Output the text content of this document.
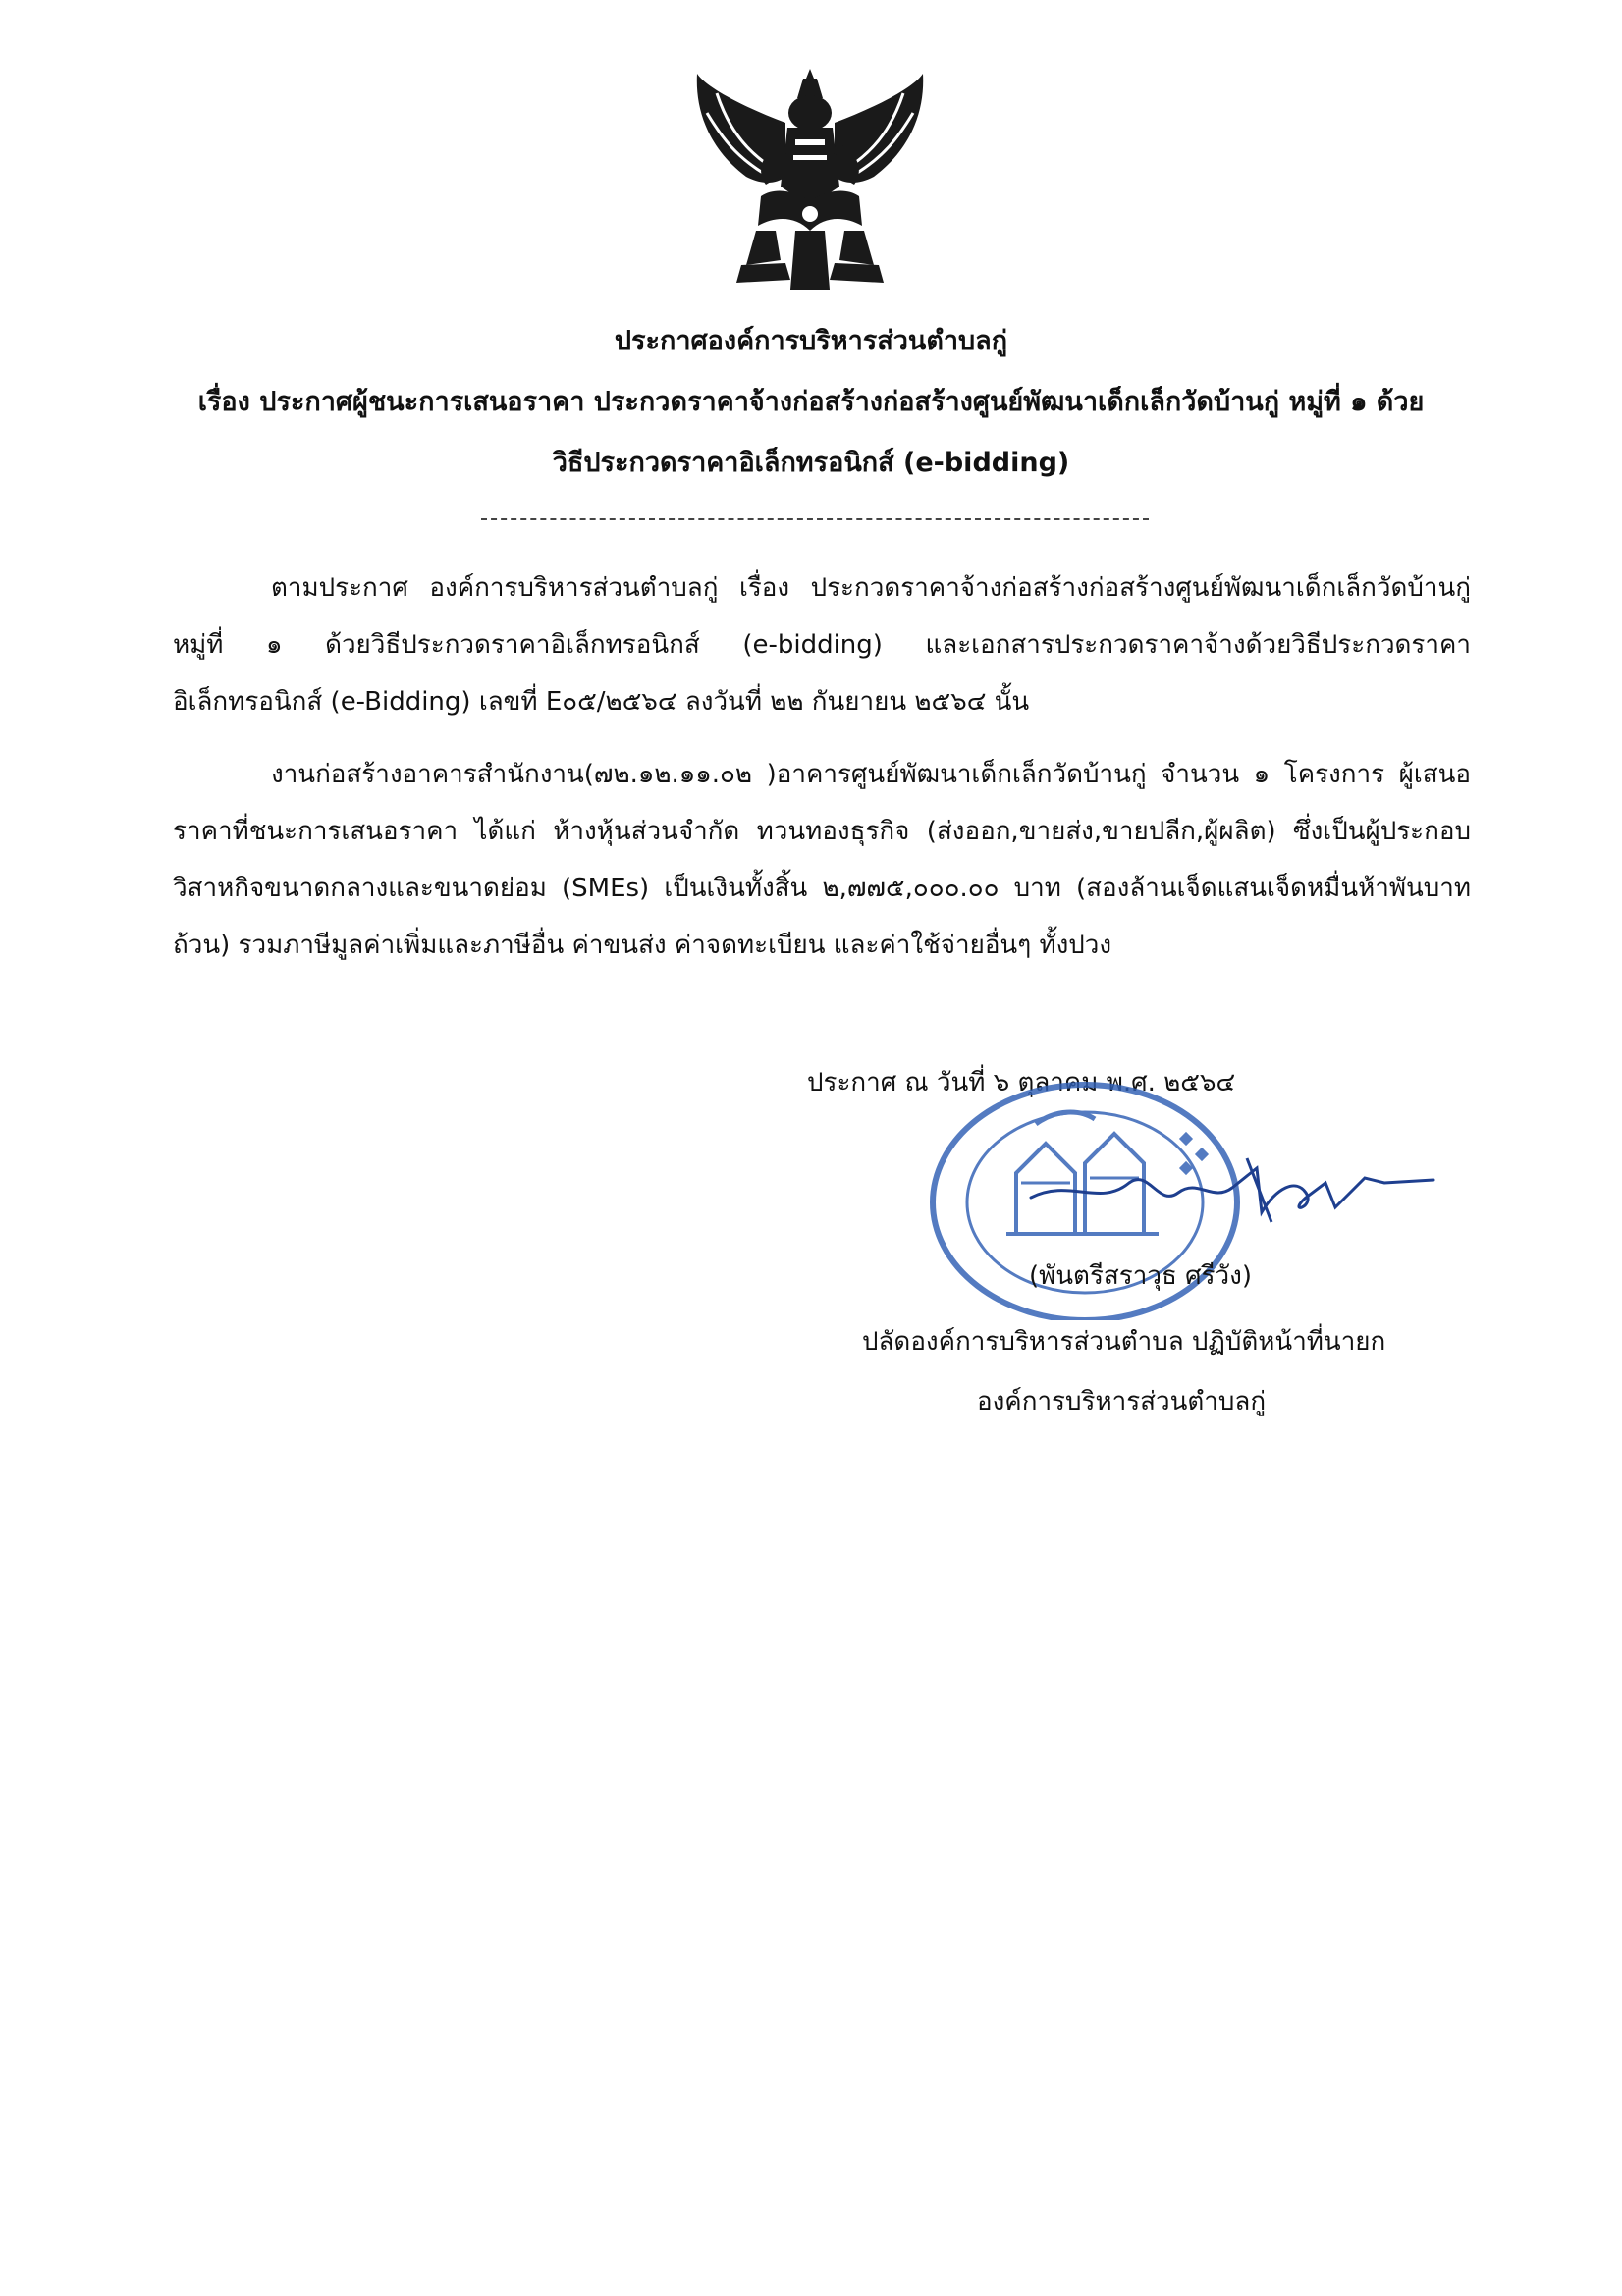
ประกาศองค์การบริหารส่วนตำบลกู่
เรื่อง ประกาศผู้ชนะการเสนอราคา ประกวดราคาจ้างก่อสร้างก่อสร้างศูนย์พัฒนาเด็กเล็กวัดบ้านกู่ หมู่ที่ ๑ ด้วย
วิธีประกวดราคาอิเล็กทรอนิกส์ (e-bidding)

ตามประกาศ องค์การบริหารส่วนตำบลกู่ เรื่อง ประกวดราคาจ้างก่อสร้างก่อสร้างศูนย์พัฒนาเด็กเล็กวัดบ้านกู่ หมู่ที่ ๑ ด้วยวิธีประกวดราคาอิเล็กทรอนิกส์ (e-bidding) และเอกสารประกวดราคาจ้างด้วยวิธีประกวดราคาอิเล็กทรอนิกส์ (e-Bidding) เลขที่ E๐๕/๒๕๖๔ ลงวันที่ ๒๒ กันยายน ๒๕๖๔ นั้น

งานก่อสร้างอาคารสำนักงาน(๗๒.๑๒.๑๑.๐๒ )อาคารศูนย์พัฒนาเด็กเล็กวัดบ้านกู่ จำนวน ๑ โครงการ ผู้เสนอราคาที่ชนะการเสนอราคา ได้แก่ ห้างหุ้นส่วนจำกัด ทวนทองธุรกิจ (ส่งออก,ขายส่ง,ขายปลีก,ผู้ผลิต) ซึ่งเป็นผู้ประกอบวิสาหกิจขนาดกลางและขนาดย่อม (SMEs) เป็นเงินทั้งสิ้น ๒,๗๗๕,๐๐๐.๐๐ บาท (สองล้านเจ็ดแสนเจ็ดหมื่นห้าพันบาทถ้วน) รวมภาษีมูลค่าเพิ่มและภาษีอื่น ค่าขนส่ง ค่าจดทะเบียน และค่าใช้จ่ายอื่นๆ ทั้งปวง

ประกาศ ณ วันที่ ๖ ตุลาคม พ.ศ. ๒๕๖๔
(พันตรีสราวุธ ศรีวัง)
ปลัดองค์การบริหารส่วนตำบล ปฏิบัติหน้าที่นายก
องค์การบริหารส่วนตำบลกู่
